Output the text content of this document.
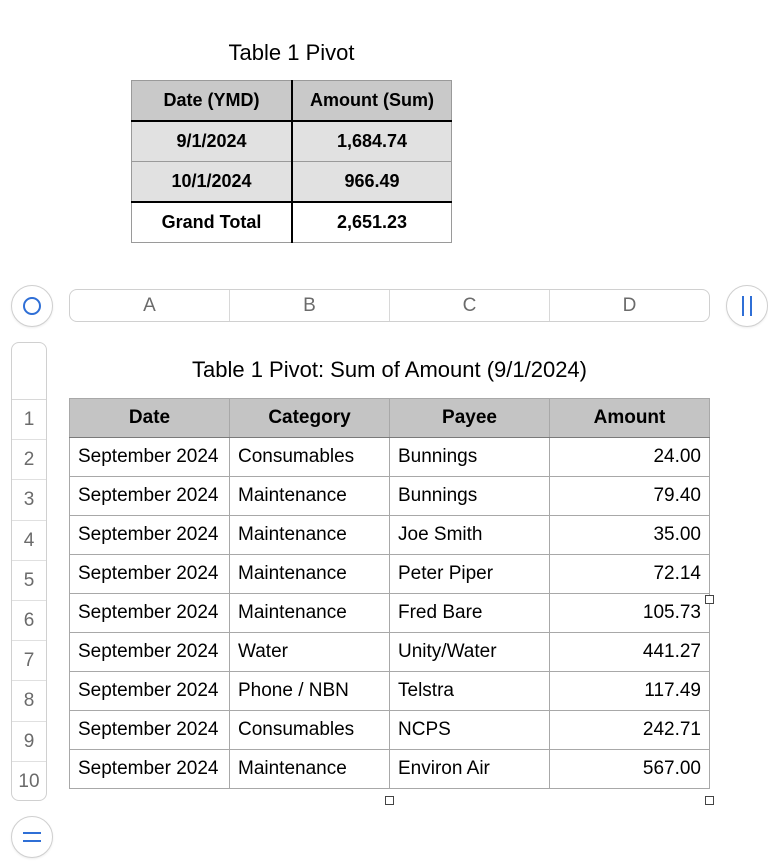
Table 1 Pivot
Date (YMD)	Amount (Sum)
9/1/2024	1,684.74
10/1/2024	966.49
Grand Total	2,651.23
A	B	C	D
1
2
3
4
5
6
7
8
9
10
Table 1 Pivot: Sum of Amount (9/1/2024)
Date	Category	Payee	Amount
September 2024	Consumables	Bunnings	24.00
September 2024	Maintenance	Bunnings	79.40
September 2024	Maintenance	Joe Smith	35.00
September 2024	Maintenance	Peter Piper	72.14
September 2024	Maintenance	Fred Bare	105.73
September 2024	Water	Unity/Water	441.27
September 2024	Phone / NBN	Telstra	117.49
September 2024	Consumables	NCPS	242.71
September 2024	Maintenance	Environ Air	567.00
